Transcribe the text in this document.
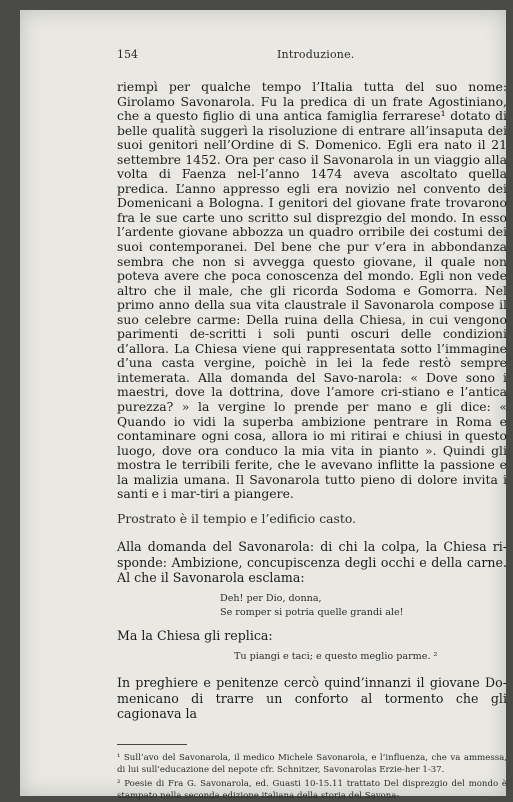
154	Introduzione.

riempì per qualche tempo l’Italia tutta del suo nome: Girolamo Savonarola. Fu la predica di un frate Agostiniano, che a questo figlio di una antica famiglia ferrarese¹ dotato di belle qualità suggerì la risoluzione di entrare all’insaputa dei suoi genitori nell’Ordine di S. Domenico. Egli era nato il 21 settembre 1452. Ora per caso il Savonarola in un viaggio alla volta di Faenza nel-l’anno 1474 aveva ascoltato quella predica. L’anno appresso egli era novizio nel convento dei Domenicani a Bologna. I genitori del giovane frate trovarono fra le sue carte uno scritto sul disprezgio del mondo. In esso l’ardente giovane abbozza un quadro orribile dei costumi dei suoi contemporanei. Del bene che pur v’era in abbondanza sembra che non si avvegga questo giovane, il quale non poteva avere che poca conoscenza del mondo. Egli non vede altro che il male, che gli ricorda Sodoma e Gomorra. Nel primo anno della sua vita claustrale il Savonarola compose il suo celebre carme: Della ruina della Chiesa, in cui vengono parimenti de-scritti i soli punti oscuri delle condizioni d’allora. La Chiesa viene qui rappresentata sotto l’immagine d’una casta vergine, poichè in lei la fede restò sempre intemerata. Alla domanda del Savo-narola: « Dove sono i maestri, dove la dottrina, dove l’amore cri-stiano e l’antica purezza? » la vergine lo prende per mano e gli dice: « Quando io vidi la superba ambizione pentrare in Roma e contaminare ogni cosa, allora io mi ritirai e chiusi in questo luogo, dove ora conduco la mia vita in pianto ». Quindi gli mostra le terribili ferite, che le avevano inflitte la passione e la malizia umana. Il Savonarola tutto pieno di dolore invita i santi e i mar-tiri a piangere.

Prostrato è il tempio e l’edificio casto.

Alla domanda del Savonarola: di chi la colpa, la Chiesa ri-sponde: Ambizione, concupiscenza degli occhi e della carne. Al che il Savonarola esclama:

Deh! per Dio, donna,

Se romper si potria quelle grandi ale!

Ma la Chiesa gli replica:

Tu piangi e taci; e questo meglio parme. ²

In preghiere e penitenze cercò quind’innanzi il giovane Do-menicano di trarre un conforto al tormento che gli cagionava la

¹ Sull’avo del Savonarola, il medico Michele Savonarola, e l’influenza, che va ammessa, di lui sull’educazione del nepote cfr. Schnitzer, Savonarolas Erzie-her 1-37.

² Poesie di Fra G. Savonarola, ed. Guasti 10-15.11 trattato Del disprezgio del mondo è stampato nella seconda edizione italiana della storia del Savona-
